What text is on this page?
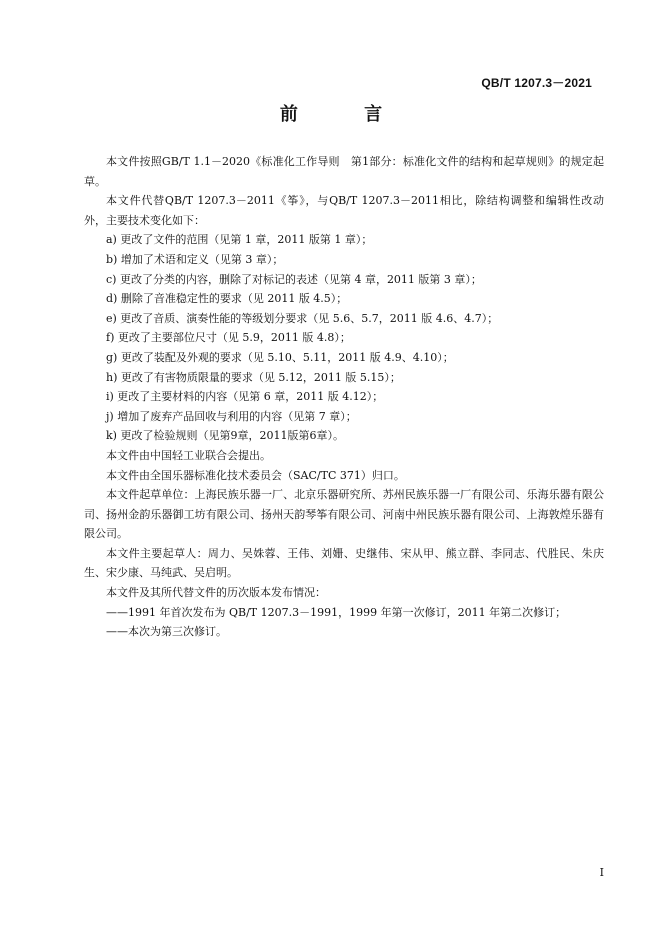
QB/T 1207.3－2021
前 言

本文件按照GB/T 1.1－2020《标准化工作导则　第1部分：标准化文件的结构和起草规则》的规定起草。

本文件代替QB/T 1207.3－2011《筝》，与QB/T 1207.3－2011相比，除结构调整和编辑性改动外，主要技术变化如下：

a) 更改了文件的范围（见第 1 章，2011 版第 1 章）；

b) 增加了术语和定义（见第 3 章）；

c) 更改了分类的内容，删除了对标记的表述（见第 4 章，2011 版第 3 章）；

d) 删除了音准稳定性的要求（见 2011 版 4.5）；

e) 更改了音质、演奏性能的等级划分要求（见 5.6、5.7，2011 版 4.6、4.7）；

f) 更改了主要部位尺寸（见 5.9，2011 版 4.8）；

g) 更改了装配及外观的要求（见 5.10、5.11，2011 版 4.9、4.10）；

h) 更改了有害物质限量的要求（见 5.12，2011 版 5.15）；

i) 更改了主要材料的内容（见第 6 章，2011 版 4.12）；

j) 增加了废弃产品回收与利用的内容（见第 7 章）；

k) 更改了检验规则（见第9章，2011版第6章）。

本文件由中国轻工业联合会提出。

本文件由全国乐器标准化技术委员会（SAC/TC 371）归口。

本文件起草单位：上海民族乐器一厂、北京乐器研究所、苏州民族乐器一厂有限公司、乐海乐器有限公司、扬州金韵乐器御工坊有限公司、扬州天韵琴筝有限公司、河南中州民族乐器有限公司、上海敦煌乐器有限公司。

本文件主要起草人：周力、吴姝蓉、王伟、刘姗、史继伟、宋从甲、熊立群、李同志、代胜民、朱庆生、宋少康、马纯武、吴启明。

本文件及其所代替文件的历次版本发布情况：

——1991 年首次发布为 QB/T 1207.3－1991，1999 年第一次修订，2011 年第二次修订；

——本次为第三次修订。

I
